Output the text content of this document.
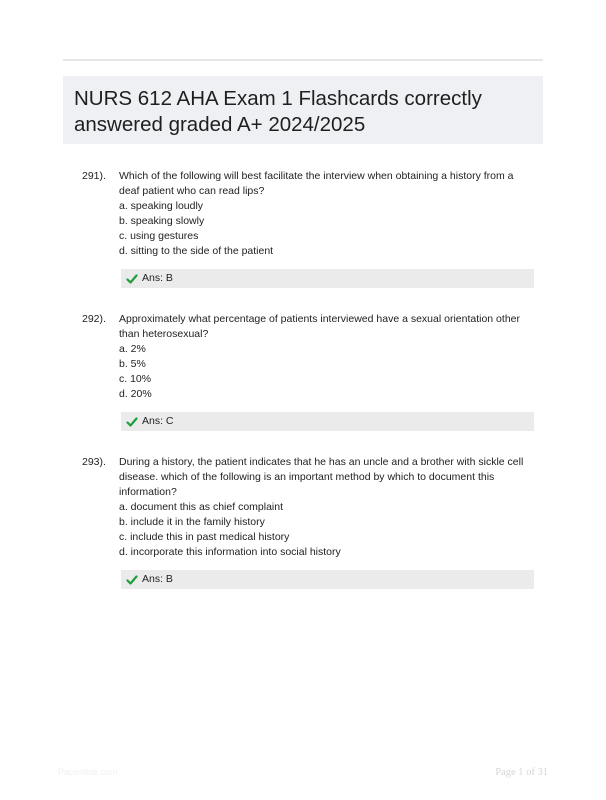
NURS 612 AHA Exam 1 Flashcards correctly answered graded A+ 2024/2025
291).	Which of the following will best facilitate the interview when obtaining a history from a deaf patient who can read lips?

a. speaking loudly
b. speaking slowly
c. using gestures
d. sitting to the side of the patient
Ans: B
292).	Approximately what percentage of patients interviewed have a sexual orientation other than heterosexual?

a. 2%
b. 5%
c. 10%
d. 20%
Ans: C
293).	During a history, the patient indicates that he has an uncle and a brother with sickle cell disease. which of the following is an important method by which to document this information?

a. document this as chief complaint
b. include it in the family history
c. include this in past medical history
d. incorporate this information into social history
Ans: B
Paperlibie.com	Page 1 of 31
